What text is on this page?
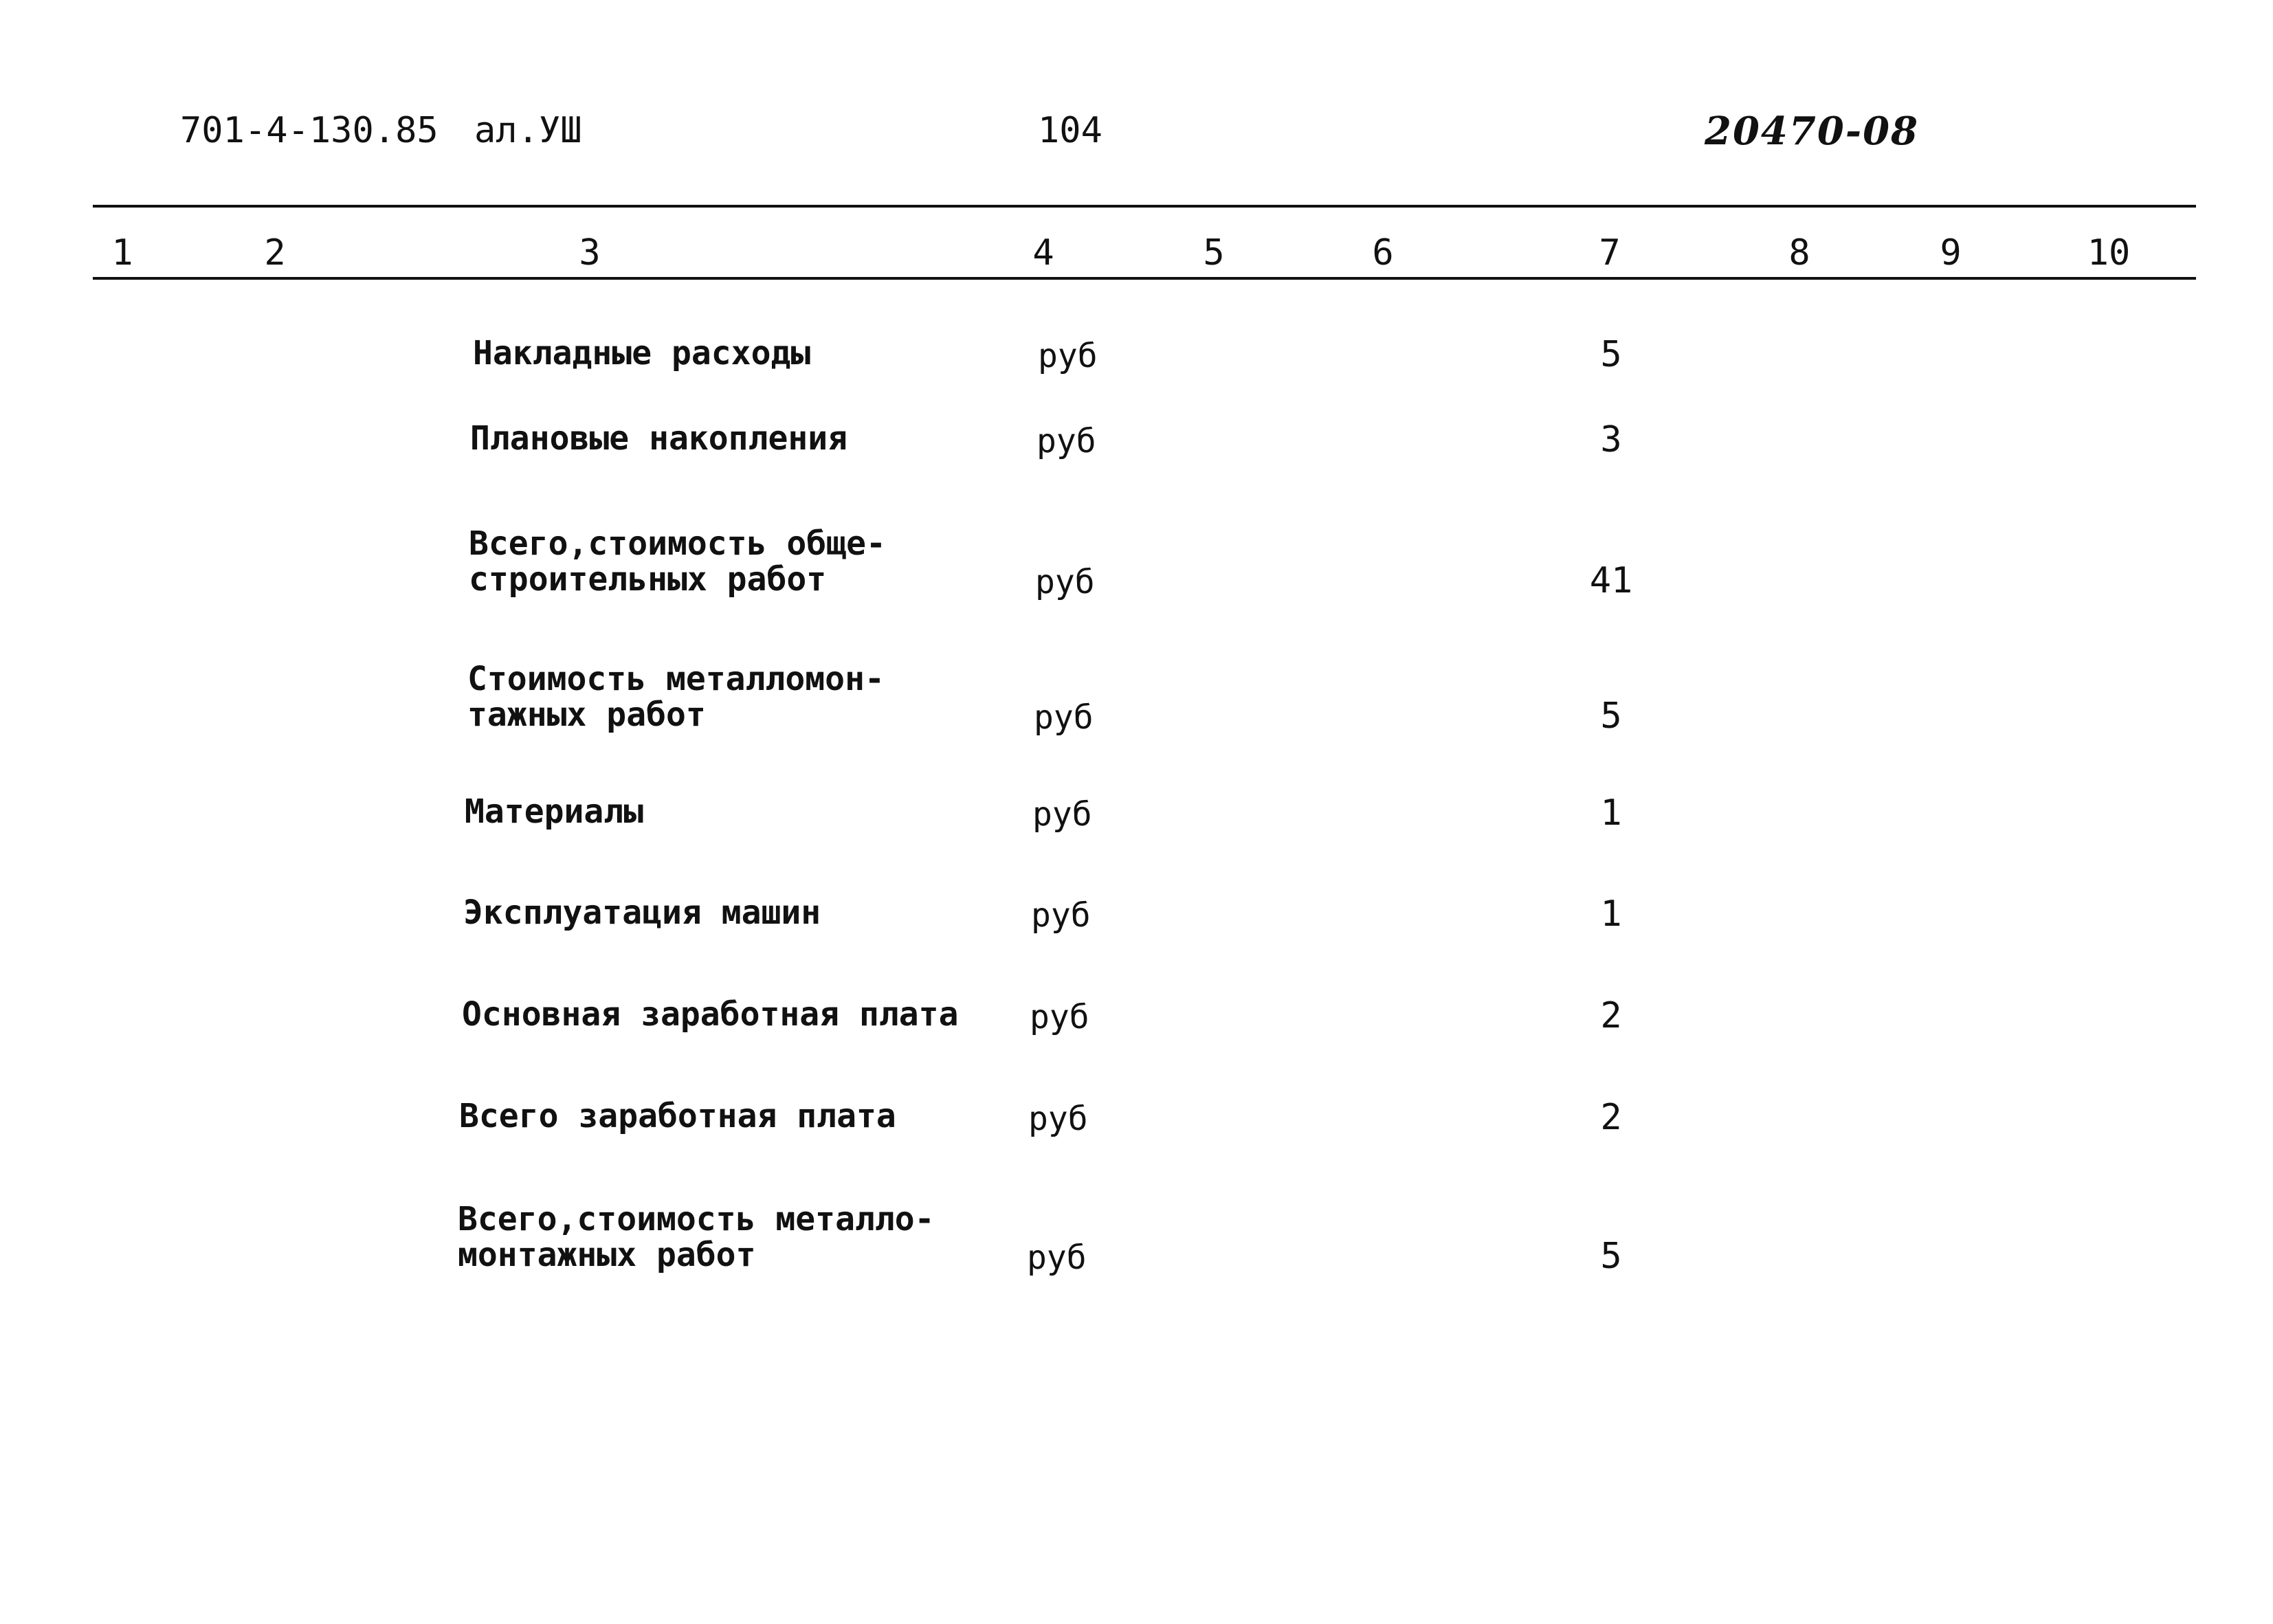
701-4-130.85 ал.УШ	104	20470-08
1	2	3	4	5	6	7	8	9	10
Накладные расходы	руб	5
Плановые накопления	руб	3
Всего,стоимость обще-
строительных работ	руб	41
Стоимость металломон-
тажных работ	руб	5
Материалы	руб	1
Эксплуатация машин	руб	1
Основная заработная плата руб	2
Всего заработная плата	руб	2
Всего,стоимость металло-
монтажных работ	руб	5
